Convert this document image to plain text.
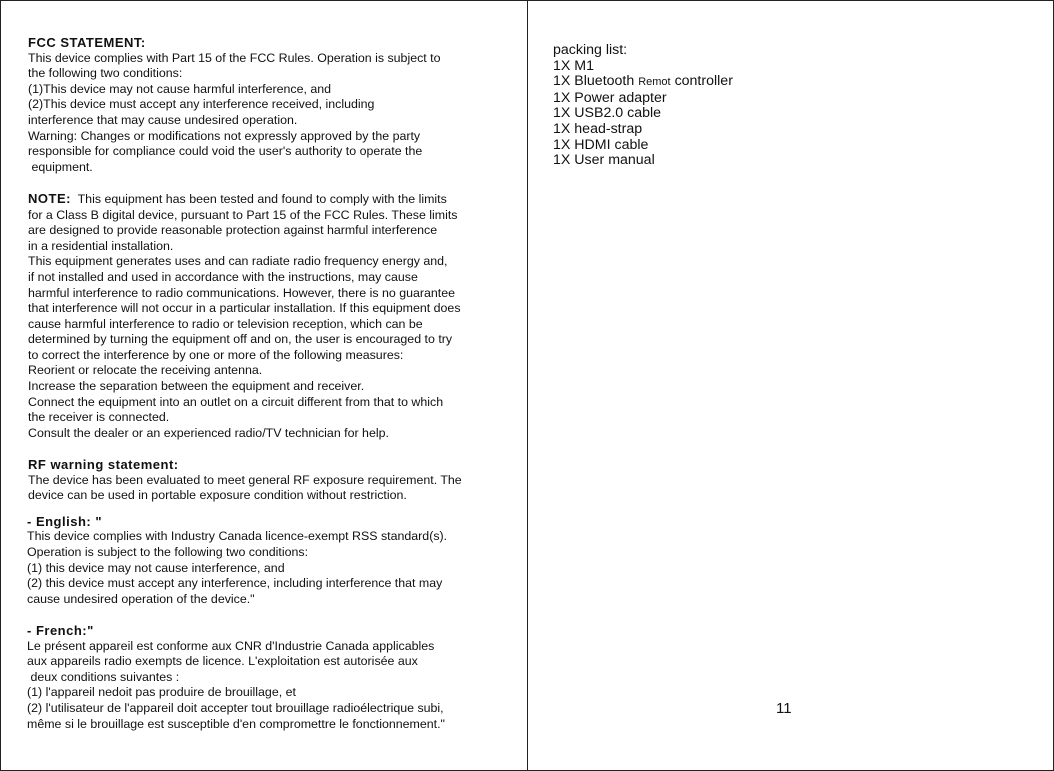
FCC STATEMENT:
This device complies with Part 15 of the FCC Rules. Operation is subject to
the following two conditions:
(1)This device may not cause harmful interference, and
(2)This device must accept any interference received, including
interference that may cause undesired operation.
Warning: Changes or modifications not expressly approved by the party
responsible for compliance could void the user's authority to operate the
equipment.
NOTE:  This equipment has been tested and found to comply with the limits
for a Class B digital device, pursuant to Part 15 of the FCC Rules. These limits
are designed to provide reasonable protection against harmful interference
in a residential installation.
This equipment generates uses and can radiate radio frequency energy and,
if not installed and used in accordance with the instructions, may cause
harmful interference to radio communications. However, there is no guarantee
that interference will not occur in a particular installation. If this equipment does
cause harmful interference to radio or television reception, which can be
determined by turning the equipment off and on, the user is encouraged to try
to correct the interference by one or more of the following measures:
Reorient or relocate the receiving antenna.
Increase the separation between the equipment and receiver.
Connect the equipment into an outlet on a circuit different from that to which
the receiver is connected.
Consult the dealer or an experienced radio/TV technician for help.
RF warning statement:
The device has been evaluated to meet general RF exposure requirement. The
device can be used in portable exposure condition without restriction.
- English: "
This device complies with Industry Canada licence-exempt RSS standard(s).
Operation is subject to the following two conditions:
(1) this device may not cause interference, and
(2) this device must accept any interference, including interference that may
cause undesired operation of the device."
- French:"
Le présent appareil est conforme aux CNR d'Industrie Canada applicables
aux appareils radio exempts de licence. L'exploitation est autorisée aux
deux conditions suivantes :
(1) l'appareil nedoit pas produire de brouillage, et
(2) l'utilisateur de l'appareil doit accepter tout brouillage radioélectrique subi,
même si le brouillage est susceptible d'en compromettre le fonctionnement."
packing list:
1X M1
1X Bluetooth Remot controller
1X Power adapter
1X USB2.0 cable
1X head-strap
1X HDMI cable
1X User manual
11
